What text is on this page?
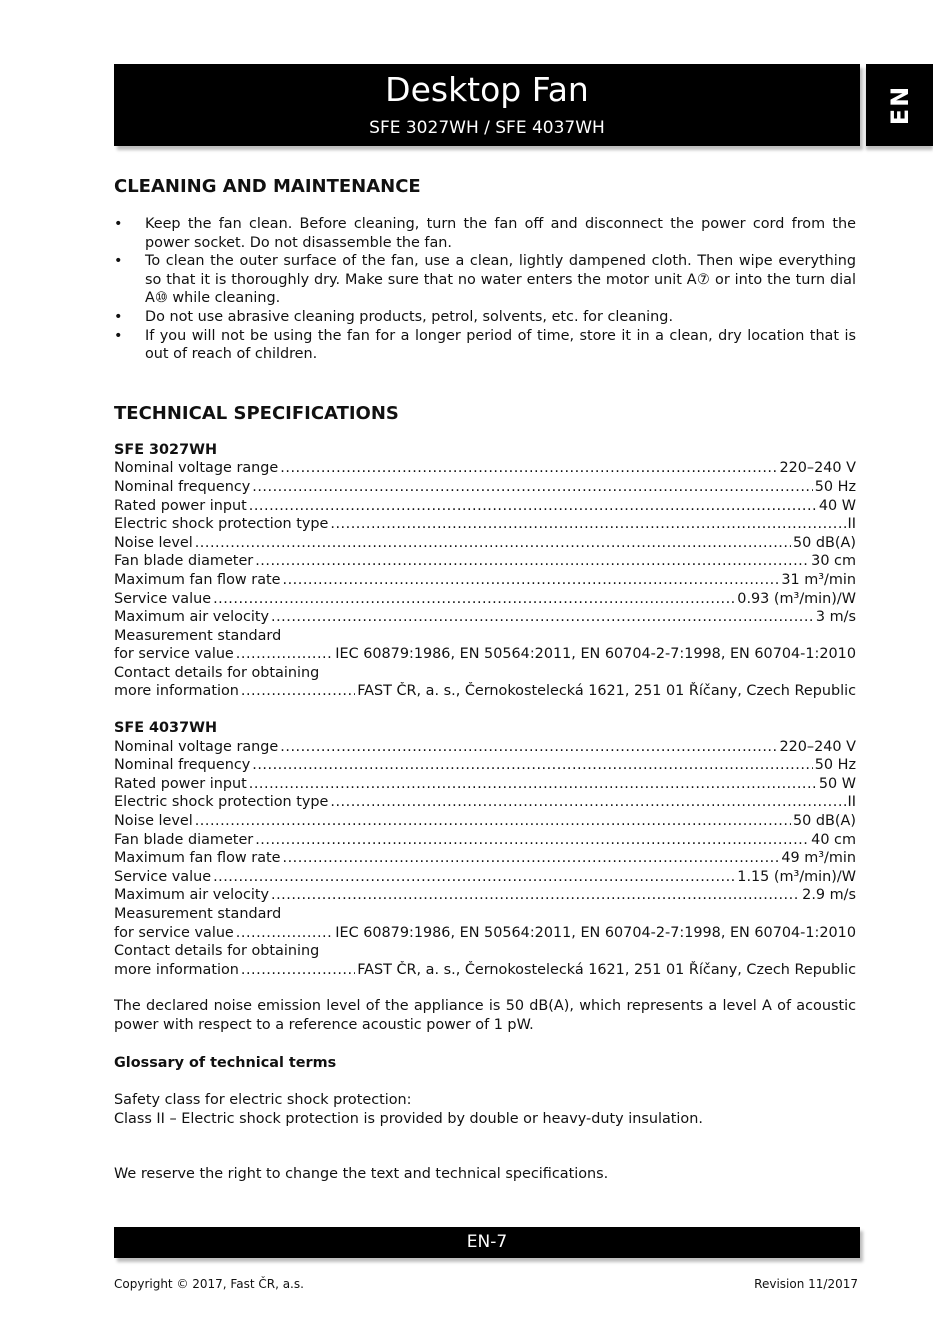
Desktop Fan
SFE 3027WH / SFE 4037WH
EN
CLEANING AND MAINTENANCE
• Keep the fan clean. Before cleaning, turn the fan off and disconnect the power cord from the power socket. Do not disassemble the fan.
• To clean the outer surface of the fan, use a clean, lightly dampened cloth. Then wipe everything so that it is thoroughly dry. Make sure that no water enters the motor unit A⑦ or into the turn dial A⑩ while cleaning.
• Do not use abrasive cleaning products, petrol, solvents, etc. for cleaning.
• If you will not be using the fan for a longer period of time, store it in a clean, dry location that is out of reach of children.
TECHNICAL SPECIFICATIONS

SFE 3027WH

Nominal voltage range .....	220–240 V
Nominal frequency .....	50 Hz
Rated power input .....	40 W
Electric shock protection type .....	II
Noise level .....	50 dB(A)
Fan blade diameter .....	30 cm
Maximum fan flow rate .....	31 m³/min
Service value .....	0.93 (m³/min)/W
Maximum air velocity .....	3 m/s

Measurement standard

for service value .....	IEC 60879:1986, EN 50564:2011, EN 60704-2-7:1998, EN 60704-1:2010

Contact details for obtaining

more information .....	FAST ČR, a. s., Černokostelecká 1621, 251 01 Říčany, Czech Republic

SFE 4037WH

Nominal voltage range .....	220–240 V
Nominal frequency .....	50 Hz
Rated power input .....	50 W
Electric shock protection type .....	II
Noise level .....	50 dB(A)
Fan blade diameter .....	40 cm
Maximum fan flow rate .....	49 m³/min
Service value .....	1.15 (m³/min)/W
Maximum air velocity .....	2.9 m/s

Measurement standard

for service value .....	IEC 60879:1986, EN 50564:2011, EN 60704-2-7:1998, EN 60704-1:2010

Contact details for obtaining

more information .....	FAST ČR, a. s., Černokostelecká 1621, 251 01 Říčany, Czech Republic

The declared noise emission level of the appliance is 50 dB(A), which represents a level A of acoustic power with respect to a reference acoustic power of 1 pW.

Glossary of technical terms

Safety class for electric shock protection:

Class II – Electric shock protection is provided by double or heavy-duty insulation.

We reserve the right to change the text and technical specifications.

EN-7
Copyright © 2017, Fast ČR, a.s.	Revision 11/2017
